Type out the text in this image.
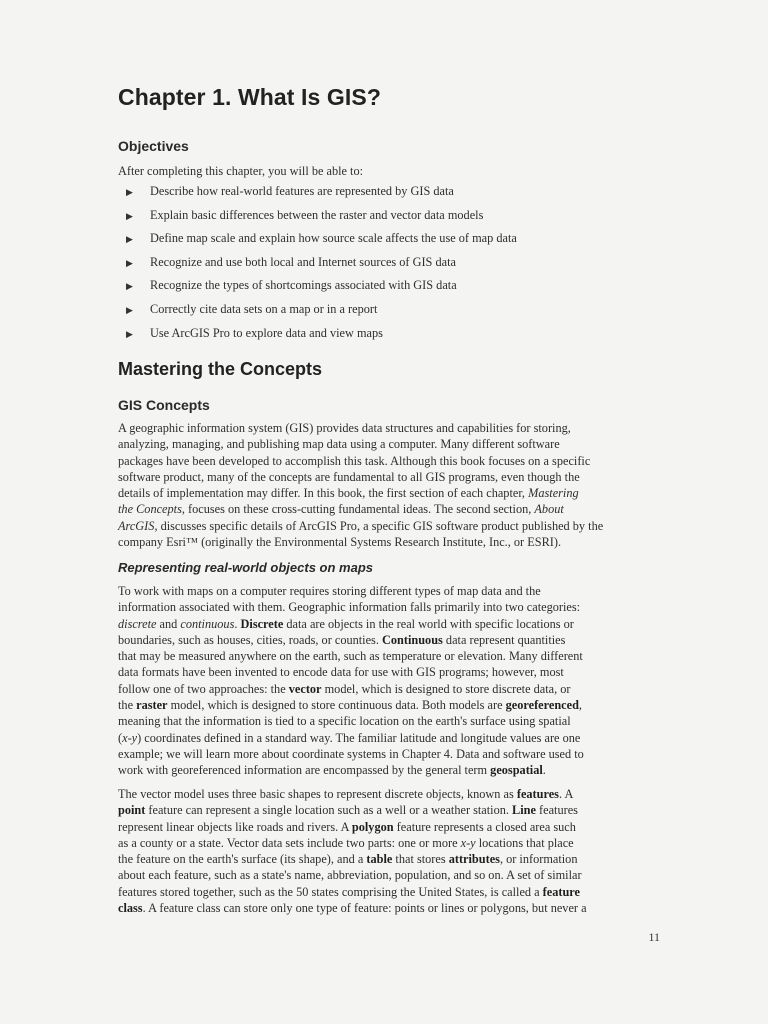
Chapter 1. What Is GIS?
Objectives
After completing this chapter, you will be able to:
▶	Describe how real-world features are represented by GIS data
▶	Explain basic differences between the raster and vector data models
▶	Define map scale and explain how source scale affects the use of map data
▶	Recognize and use both local and Internet sources of GIS data
▶	Recognize the types of shortcomings associated with GIS data
▶	Correctly cite data sets on a map or in a report
▶	Use ArcGIS Pro to explore data and view maps
Mastering the Concepts
GIS Concepts
A geographic information system (GIS) provides data structures and capabilities for storing,
analyzing, managing, and publishing map data using a computer. Many different software
packages have been developed to accomplish this task. Although this book focuses on a specific
software product, many of the concepts are fundamental to all GIS programs, even though the
details of implementation may differ. In this book, the first section of each chapter, Mastering
the Concepts, focuses on these cross-cutting fundamental ideas. The second section, About
ArcGIS, discusses specific details of ArcGIS Pro, a specific GIS software product published by the
company Esri™ (originally the Environmental Systems Research Institute, Inc., or ESRI).
Representing real-world objects on maps
To work with maps on a computer requires storing different types of map data and the
information associated with them. Geographic information falls primarily into two categories:
discrete and continuous. Discrete data are objects in the real world with specific locations or
boundaries, such as houses, cities, roads, or counties. Continuous data represent quantities
that may be measured anywhere on the earth, such as temperature or elevation. Many different
data formats have been invented to encode data for use with GIS programs; however, most
follow one of two approaches: the vector model, which is designed to store discrete data, or
the raster model, which is designed to store continuous data. Both models are georeferenced,
meaning that the information is tied to a specific location on the earth's surface using spatial
(x-y) coordinates defined in a standard way. The familiar latitude and longitude values are one
example; we will learn more about coordinate systems in Chapter 4. Data and software used to
work with georeferenced information are encompassed by the general term geospatial.
The vector model uses three basic shapes to represent discrete objects, known as features. A
point feature can represent a single location such as a well or a weather station. Line features
represent linear objects like roads and rivers. A polygon feature represents a closed area such
as a county or a state. Vector data sets include two parts: one or more x-y locations that place
the feature on the earth's surface (its shape), and a table that stores attributes, or information
about each feature, such as a state's name, abbreviation, population, and so on. A set of similar
features stored together, such as the 50 states comprising the United States, is called a feature
class. A feature class can store only one type of feature: points or lines or polygons, but never a
11
